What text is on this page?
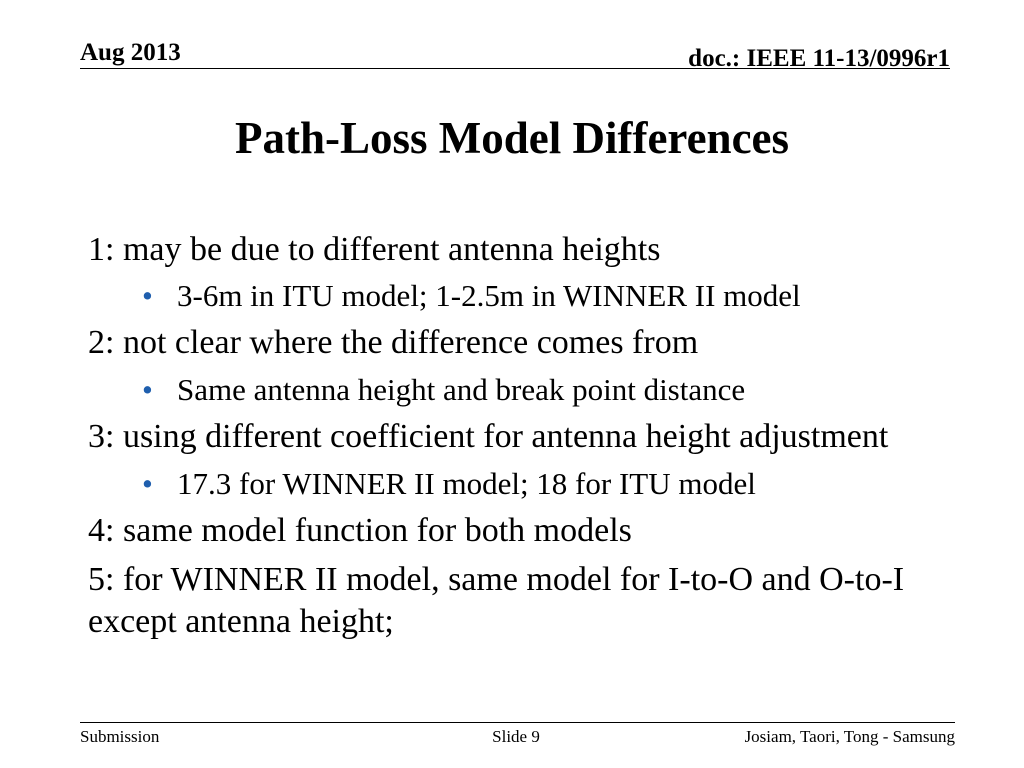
Aug 2013	doc.: IEEE 11-13/0996r1
Path-Loss Model Differences
1: may be due to different antenna heights
• 3-6m in ITU model; 1-2.5m in WINNER II model
2: not clear where the difference comes from
• Same antenna height and break point distance
3: using different coefficient for antenna height adjustment
• 17.3 for WINNER II model; 18 for ITU model
4: same model function for both models
5: for WINNER II model, same model for I-to-O and O-to-I except antenna height;
Submission	Slide 9	Josiam, Taori, Tong - Samsung
